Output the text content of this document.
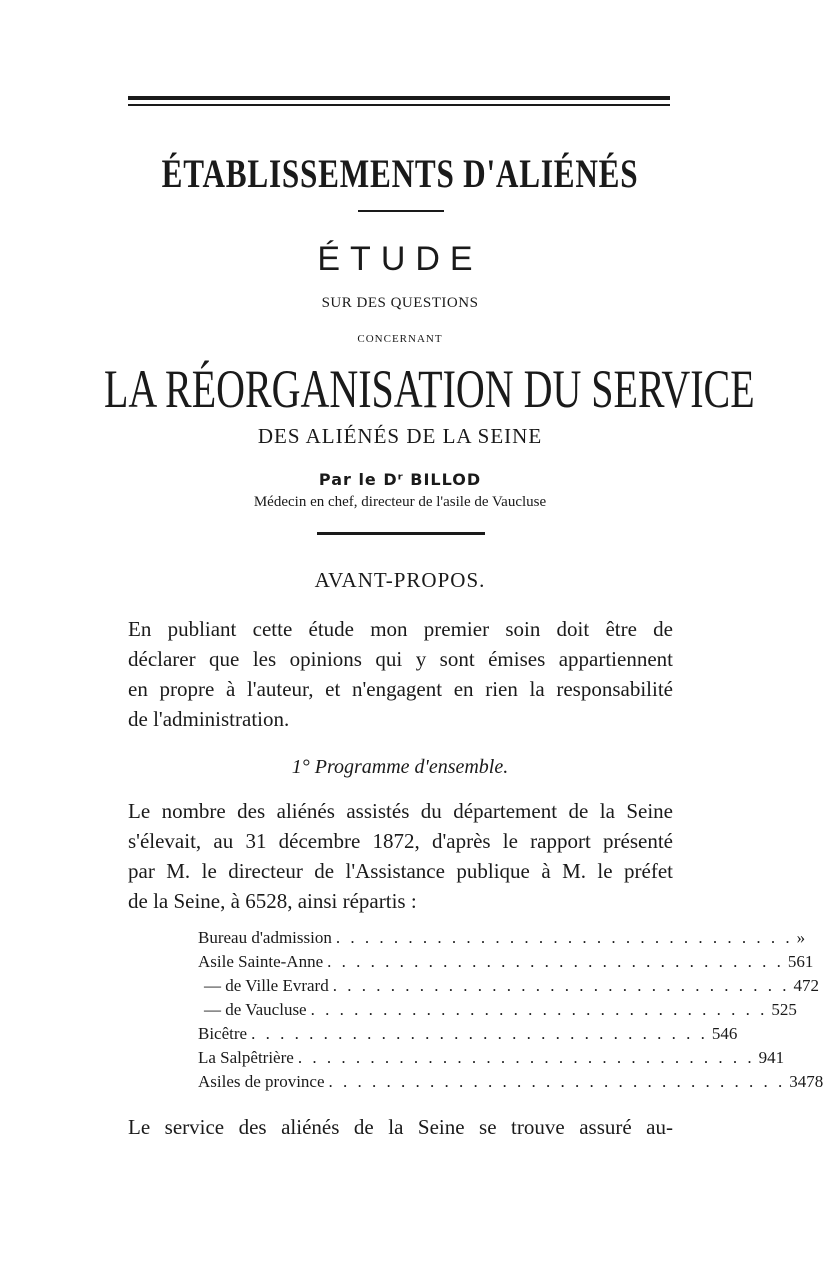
ÉTABLISSEMENTS D'ALIÉNÉS
ÉTUDE
SUR DES QUESTIONS
CONCERNANT
LA RÉORGANISATION DU SERVICE
DES ALIÉNÉS DE LA SEINE
Par le Dʳ BILLOD
Médecin en chef, directeur de l'asile de Vaucluse
AVANT-PROPOS.
En publiant cette étude mon premier soin doit être de
déclarer que les opinions qui y sont émises appartiennent
en propre à l'auteur, et n'engagent en rien la responsabilité
de l'administration.
1° Programme d'ensemble.
Le nombre des aliénés assistés du département de la Seine
s'élevait, au 31 décembre 1872, d'après le rapport présenté
par M. le directeur de l'Assistance publique à M. le préfet
de la Seine, à 6528, ainsi répartis :
Bureau d'admission . . . . . . . . . . . . . . . . . . . . . . . . . . . . . . . . »
Asile Sainte-Anne . . . . . . . . . . . . . . . . . . . . . . . . . . . . . . . . 561
— de Ville Evrard . . . . . . . . . . . . . . . . . . . . . . . . . . . . . . . . 472
— de Vaucluse . . . . . . . . . . . . . . . . . . . . . . . . . . . . . . . . 525
Bicêtre . . . . . . . . . . . . . . . . . . . . . . . . . . . . . . . . 546
La Salpêtrière . . . . . . . . . . . . . . . . . . . . . . . . . . . . . . . . 941
Asiles de province . . . . . . . . . . . . . . . . . . . . . . . . . . . . . . . . 3478
Le service des aliénés de la Seine se trouve assuré au-
